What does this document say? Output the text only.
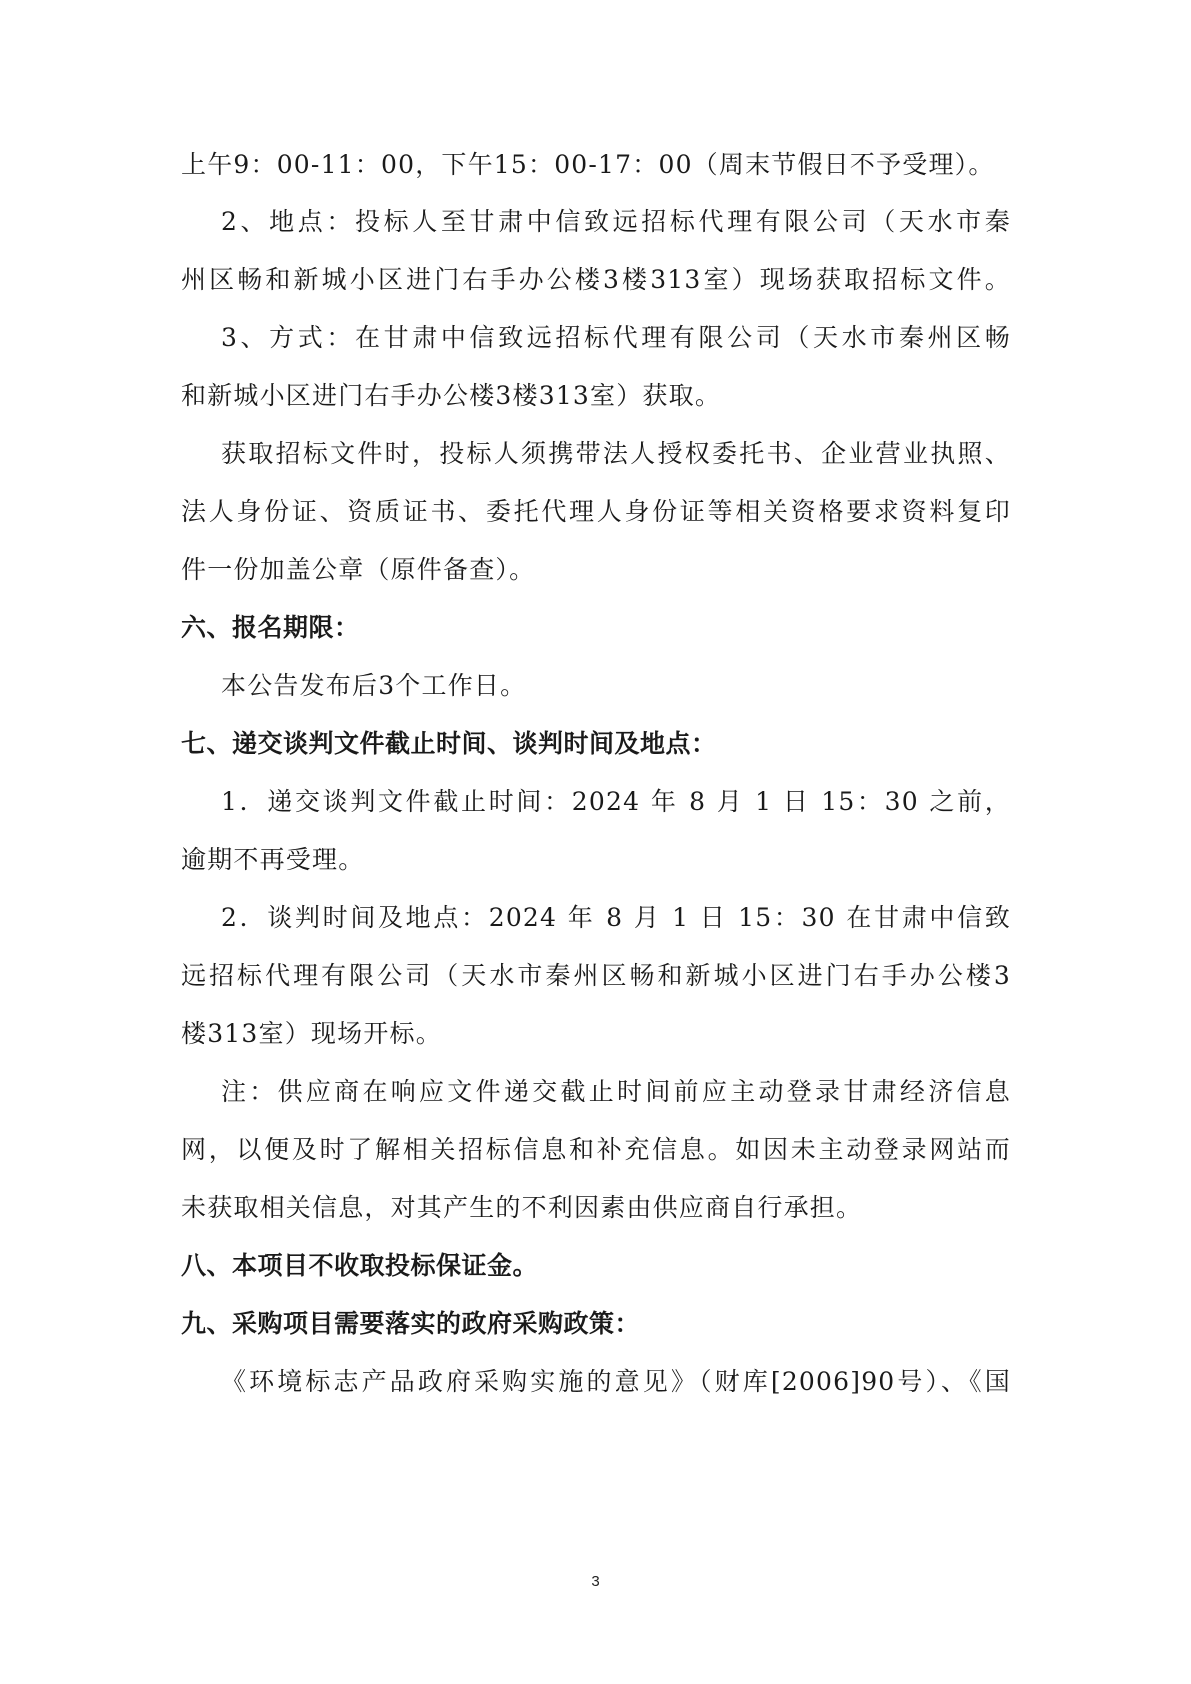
上午9：00-11：00，下午15：00-17：00（周末节假日不予受理）。
2、地点：投标人至甘肃中信致远招标代理有限公司（天水市秦
州区畅和新城小区进门右手办公楼3楼313室）现场获取招标文件。
3、方式：在甘肃中信致远招标代理有限公司（天水市秦州区畅
和新城小区进门右手办公楼3楼313室）获取。
获取招标文件时，投标人须携带法人授权委托书、企业营业执照、
法人身份证、资质证书、委托代理人身份证等相关资格要求资料复印
件一份加盖公章（原件备查）。
六、报名期限：
本公告发布后3个工作日。
七、递交谈判文件截止时间、谈判时间及地点：
1．递交谈判文件截止时间：2024 年 8 月 1 日 15：30 之前，
逾期不再受理。
2．谈判时间及地点：2024 年 8 月 1 日 15：30 在甘肃中信致
远招标代理有限公司（天水市秦州区畅和新城小区进门右手办公楼3
楼313室）现场开标。
注：供应商在响应文件递交截止时间前应主动登录甘肃经济信息
网，以便及时了解相关招标信息和补充信息。如因未主动登录网站而
未获取相关信息，对其产生的不利因素由供应商自行承担。
八、本项目不收取投标保证金。
九、采购项目需要落实的政府采购政策：
《环境标志产品政府采购实施的意见》（财库[2006]90号）、《国
3
